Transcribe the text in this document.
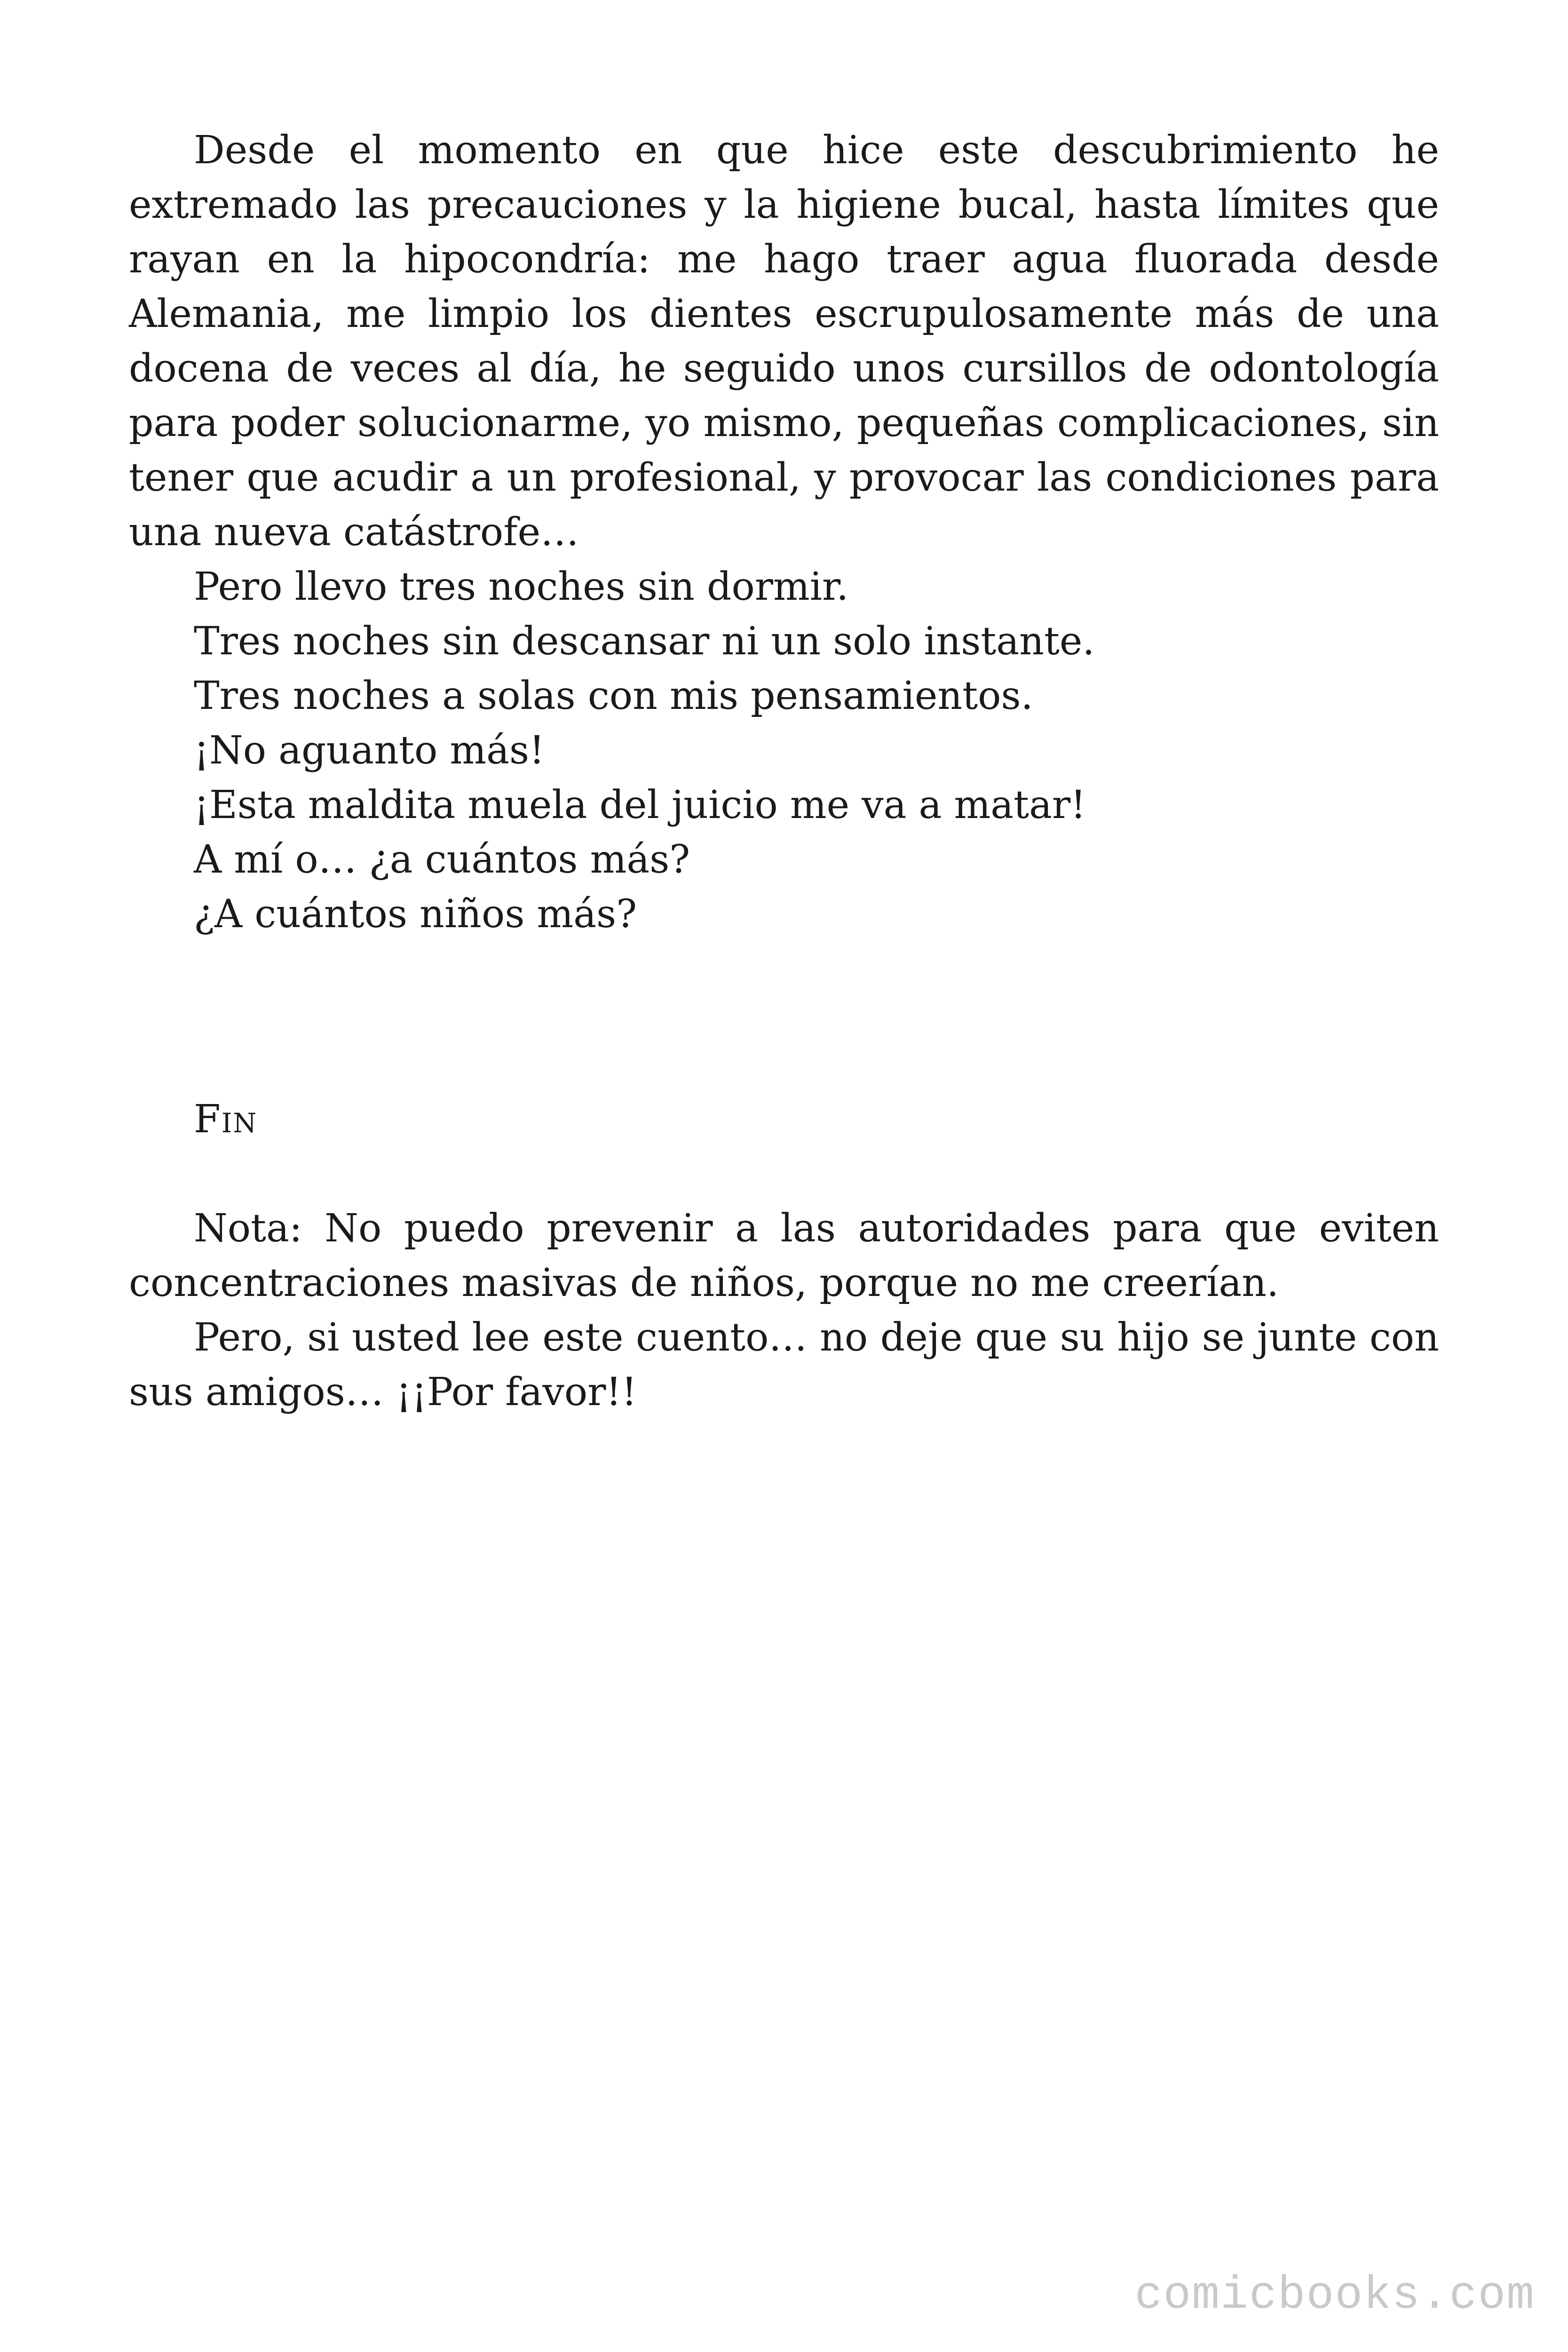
Desde el momento en que hice este descubrimiento he extremado las precauciones y la higiene bucal, hasta límites que rayan en la hipocondría: me hago traer agua fluorada desde Alemania, me limpio los dientes escrupulosamente más de una docena de veces al día, he seguido unos cursillos de odontología para poder solucionarme, yo mismo, pequeñas complicaciones, sin tener que acudir a un profesional, y provocar las condiciones para una nueva catástrofe…

Pero llevo tres noches sin dormir.

Tres noches sin descansar ni un solo instante.

Tres noches a solas con mis pensamientos.

¡No aguanto más!

¡Esta maldita muela del juicio me va a matar!

A mí o… ¿a cuántos más?

¿A cuántos niños más?

Fin

Nota: No puedo prevenir a las autoridades para que eviten concentraciones masivas de niños, porque no me creerían.

Pero, si usted lee este cuento… no deje que su hijo se junte con sus amigos… ¡¡Por favor!!

comicbooks.com
